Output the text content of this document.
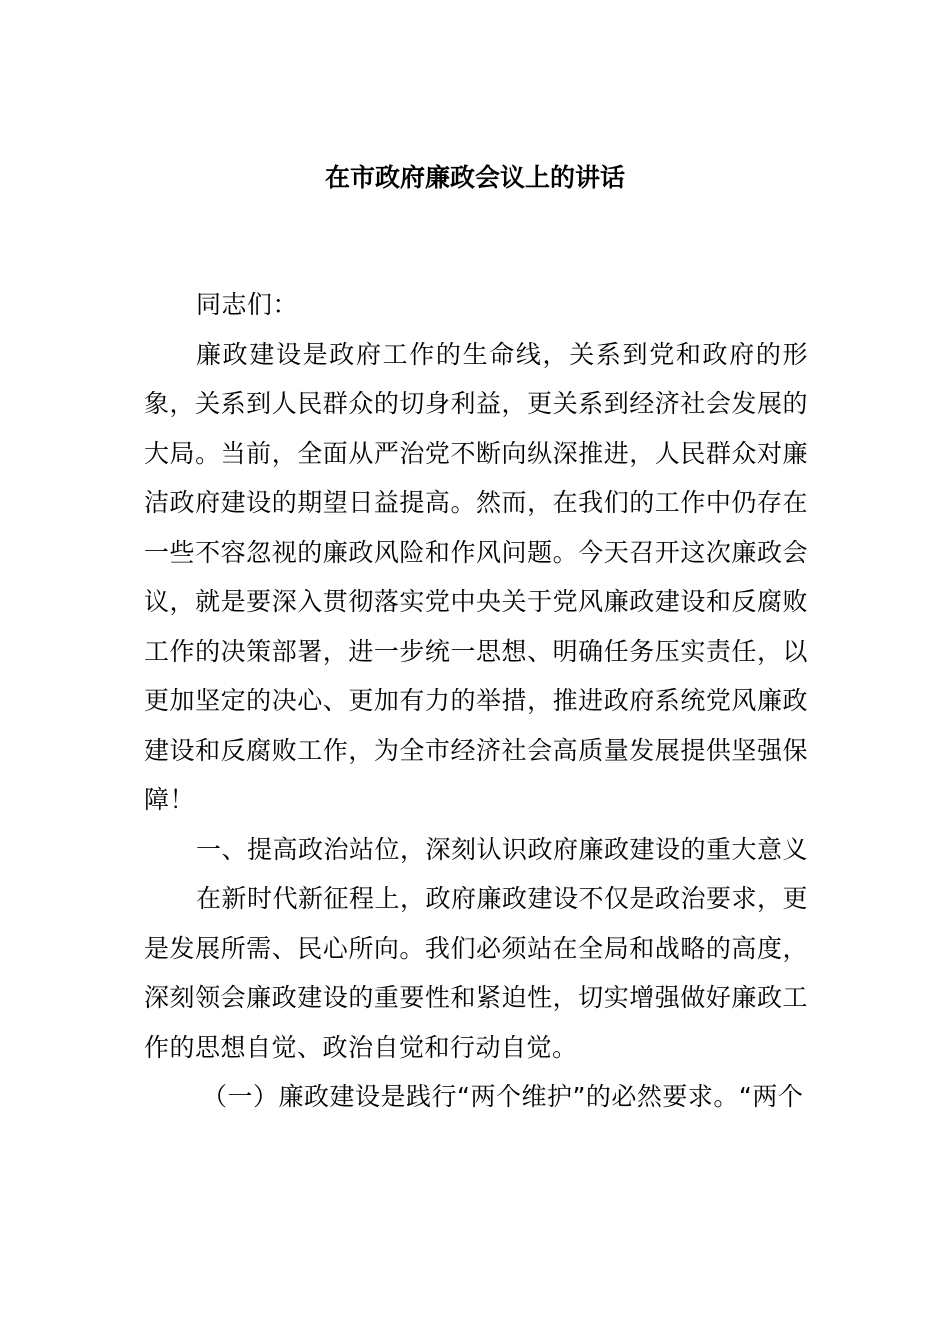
在市政府廉政会议上的讲话

同志们：

廉政建设是政府工作的生命线，关系到党和政府的形象，关系到人民群众的切身利益，更关系到经济社会发展的大局。当前，全面从严治党不断向纵深推进，人民群众对廉洁政府建设的期望日益提高。然而，在我们的工作中仍存在一些不容忽视的廉政风险和作风问题。今天召开这次廉政会议，就是要深入贯彻落实党中央关于党风廉政建设和反腐败工作的决策部署，进一步统一思想、明确任务压实责任，以更加坚定的决心、更加有力的举措，推进政府系统党风廉政建设和反腐败工作，为全市经济社会高质量发展提供坚强保障！

一、提高政治站位，深刻认识政府廉政建设的重大意义

在新时代新征程上，政府廉政建设不仅是政治要求，更是发展所需、民心所向。我们必须站在全局和战略的高度，深刻领会廉政建设的重要性和紧迫性，切实增强做好廉政工作的思想自觉、政治自觉和行动自觉。

（一）廉政建设是践行“两个维护”的必然要求。“两个
